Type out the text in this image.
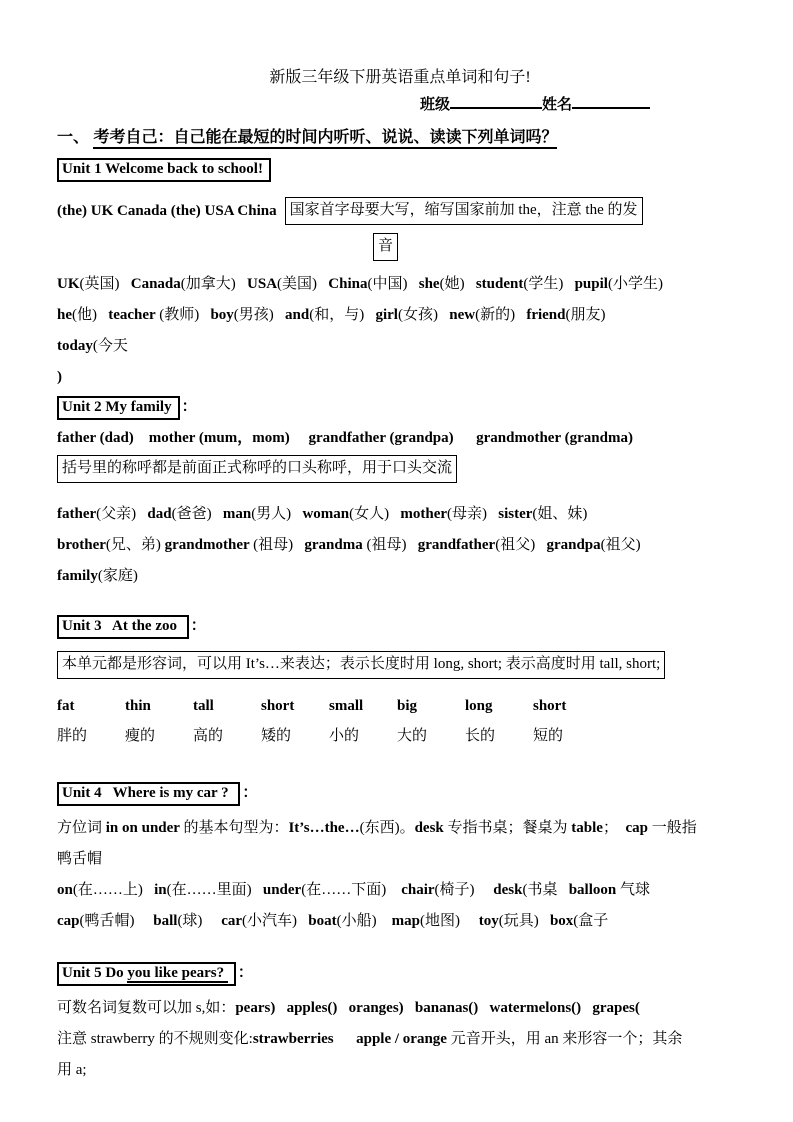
新版三年级下册英语重点单词和句子!
班级	姓名
一、 考考自己：自己能在最短的时间内听听、说说、读读下列单词吗？
Unit 1 Welcome back to school!
(the) UK Canada (the) USA China 国家首字母要大写，缩写国家前加 the，注意 the 的发
音

UK(英国)   Canada(加拿大)   USA(美国)   China(中国)   she(她)   student(学生)   pupil(小学生)

he(他)   teacher (教师)   boy(男孩)   and(和，与)   girl(女孩)   new(新的)   friend(朋友)

today(今天

)

Unit 2 My family ：

father (dad)    mother (mum，mom)     grandfather (grandpa)      grandmother (grandma)

括号里的称呼都是前面正式称呼的口头称呼，用于口头交流

father(父亲)   dad(爸爸)   man(男人)   woman(女人)   mother(母亲)   sister(姐、妹)

brother(兄、弟) grandmother (祖母)   grandma (祖母)   grandfather(祖父)   grandpa(祖父)

family(家庭)

Unit 3   At the zoo ：
本单元都是形容词，可以用 It’s…来表达；表示长度时用 long, short; 表示高度时用 tall, short;

fat	thin	tall	short small big	long	short

胖的	瘦的	高的	矮的	小的	大的	长的	短的

Unit 4   Where is my car ? ：

方位词 in on under 的基本句型为：It’s…the…(东西)。desk 专指书桌；餐桌为 table；  cap 一般指

鸭舌帽

on(在……上)   in(在……里面)   under(在……下面)    chair(椅子)     desk(书桌   balloon 气球

cap(鸭舌帽)     ball(球)     car(小汽车)   boat(小船)    map(地图)     toy(玩具)   box(盒子

Unit 5 Do you like pears? ：

可数名词复数可以加 s,如：pears)   apples()   oranges)   bananas()   watermelons()   grapes(

注意 strawberry 的不规则变化:strawberries apple / orange 元音开头，用 an 来形容一个；其余

用 a;
